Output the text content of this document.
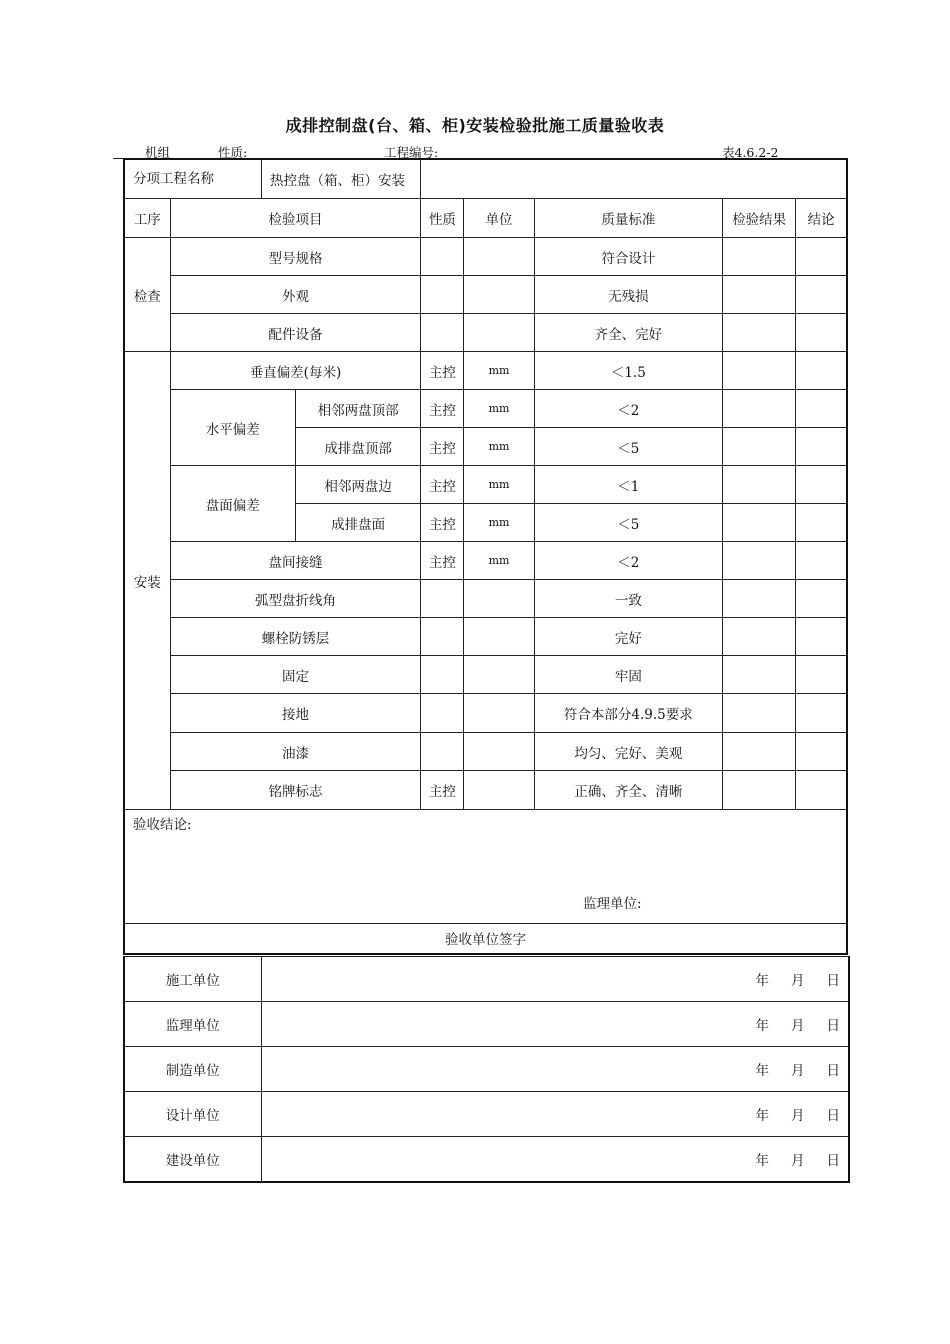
成排控制盘(台、箱、柜)安装检验批施工质量验收表
机组	性质:	工程编号:	表4.6.2-2
分项工程名称 热控盘（箱、柜）安装							

工序	检验项目		性质	单位	质量标准	检验结果	结论
检查	型号规格				符合设计		
	外观				无残损		
	配件设备				齐全、完好		
安装	垂直偏差(每米)		主控	mm	＜1.5		
	水平偏差	相邻两盘顶部	主控	mm	＜2		
		成排盘顶部	主控	mm	＜5		
	盘面偏差	相邻两盘边	主控	mm	＜1		
		成排盘面	主控	mm	＜5		
	盘间接缝		主控	mm	＜2		
	弧型盘折线角				一致		
	螺栓防锈层				完好		
	固定				牢固		
	接地				符合本部分4.9.5要求		
	油漆				均匀、完好、美观		
	铭牌标志		主控		正确、齐全、清晰		

验收结论:
监理单位:							

验收单位签字							
施工单位	年 月 日

监理单位	年 月 日

制造单位	年 月 日

设计单位	年 月 日

建设单位	年 月 日
